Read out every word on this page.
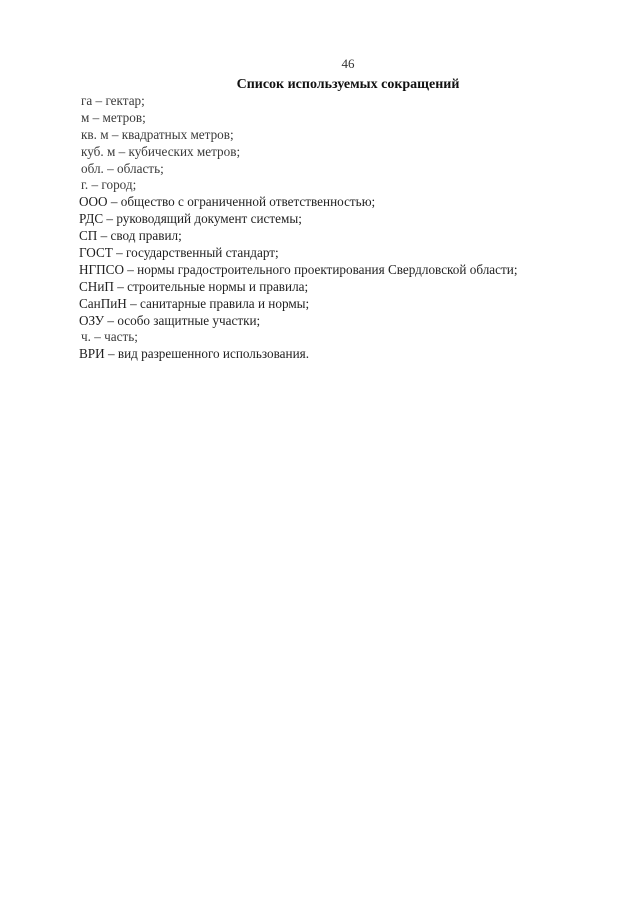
46
Список используемых сокращений
га – гектар;
м – метров;
кв. м – квадратных метров;
куб. м – кубических метров;
обл. – область;
г. – город;
ООО – общество с ограниченной ответственностью;
РДС – руководящий документ системы;
СП – свод правил;
ГОСТ – государственный стандарт;
НГПСО – нормы градостроительного проектирования Свердловской области;
СНиП – строительные нормы и правила;
СанПиН – санитарные правила и нормы;
ОЗУ – особо защитные участки;
ч. – часть;
ВРИ – вид разрешенного использования.
